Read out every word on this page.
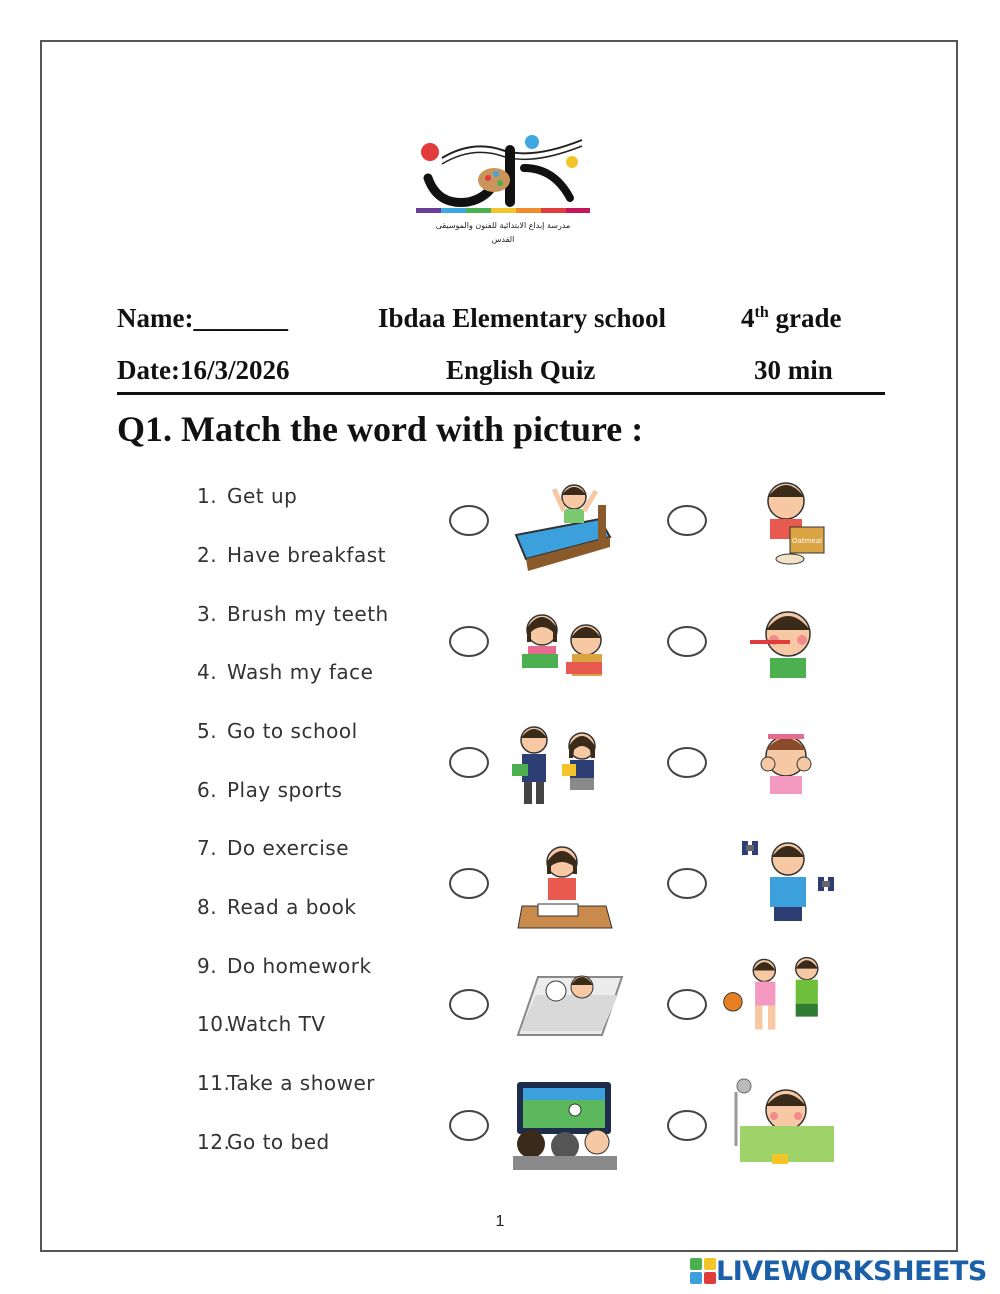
مدرسة إبداع الابتدائية للفنون والموسيقى
القدس
Name:_______	Ibdaa Elementary school	4th grade
Date:16/3/2026	English Quiz	30 min
Q1. Match the word with picture :
1. Get up
2. Have breakfast
3. Brush my teeth
4. Wash my face
5. Go to school
6. Play sports
7. Do exercise
8. Read a book
9. Do homework
10.Watch TV
11.Take a shower
12.Go to bed
Oatmeal
1
LIVEWORKSHEETS
